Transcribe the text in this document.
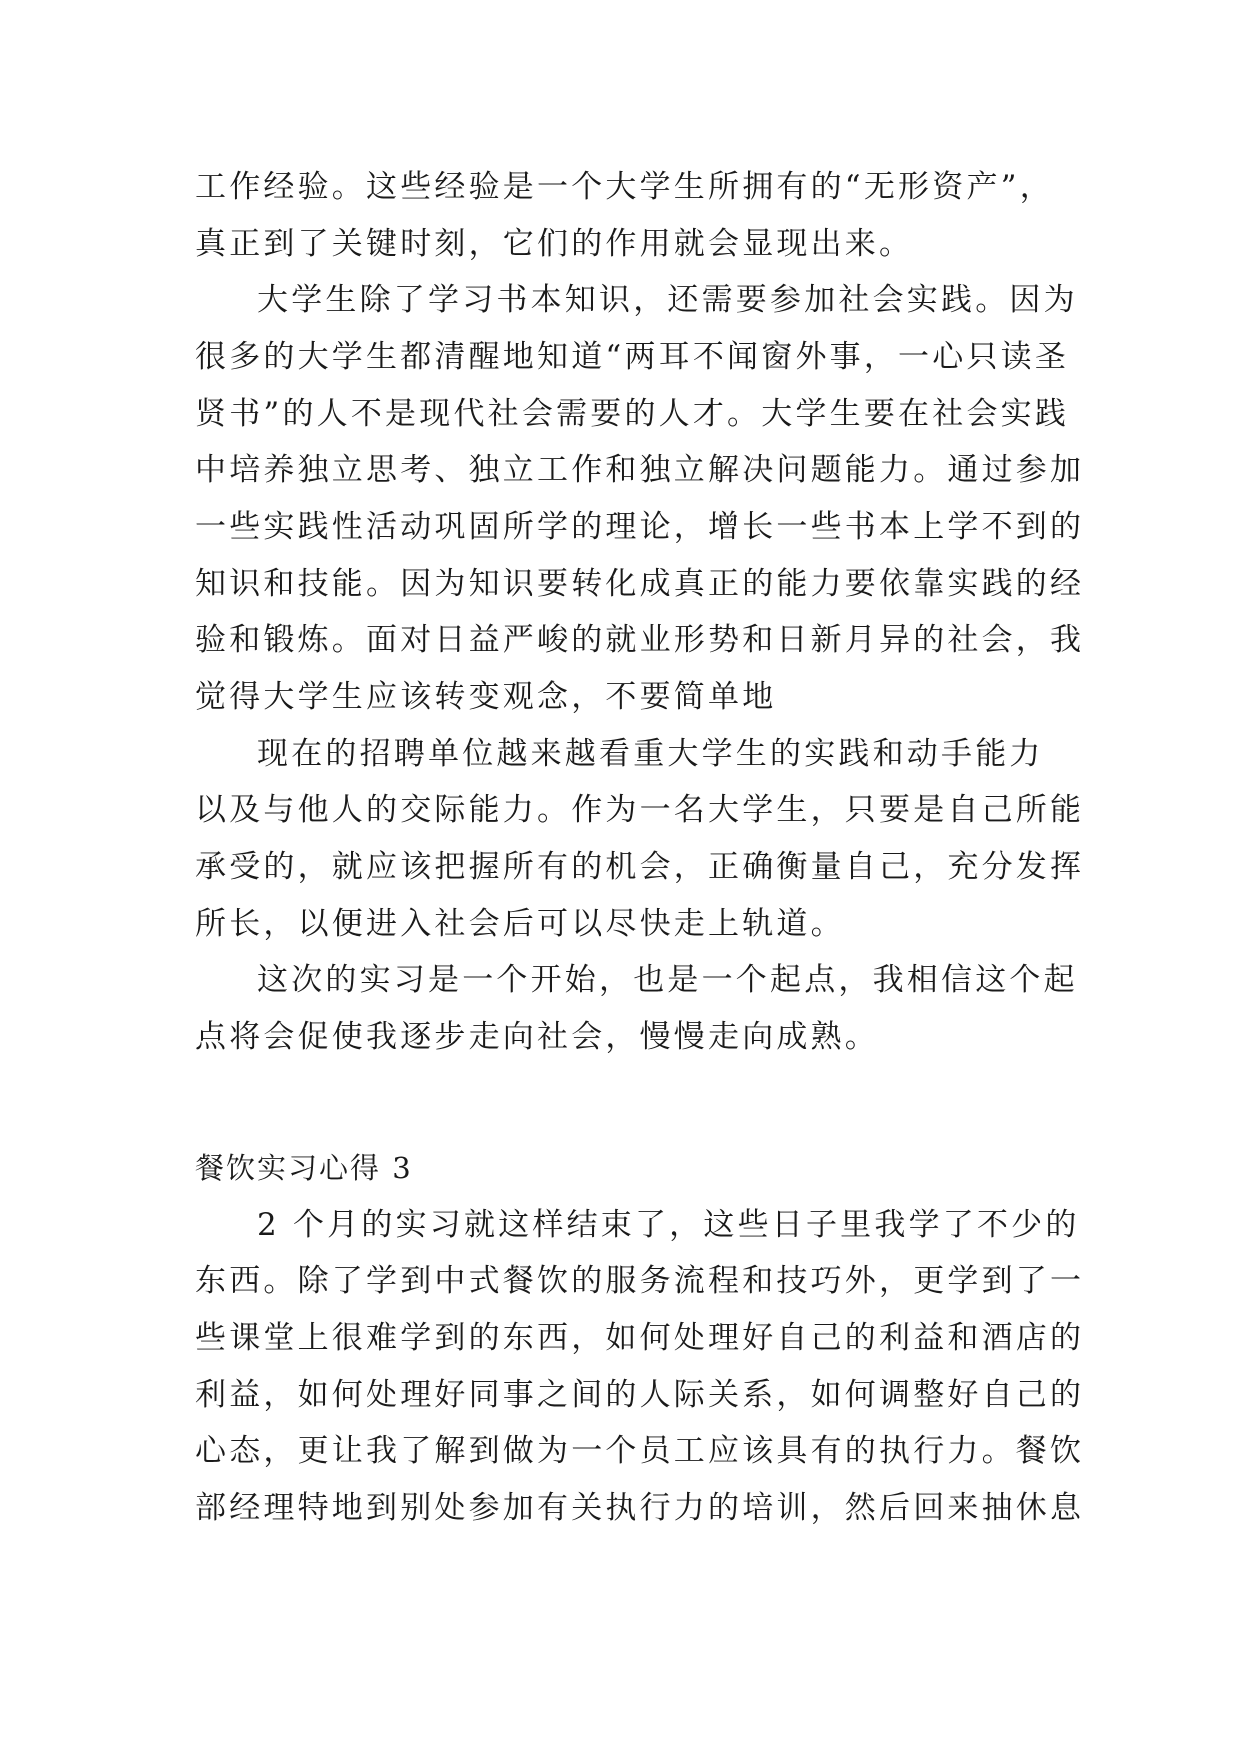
工作经验。这些经验是一个大学生所拥有的“无形资产”，
真正到了关键时刻，它们的作用就会显现出来。
大学生除了学习书本知识，还需要参加社会实践。因为
很多的大学生都清醒地知道“两耳不闻窗外事，一心只读圣
贤书”的人不是现代社会需要的人才。大学生要在社会实践
中培养独立思考、独立工作和独立解决问题能力。通过参加
一些实践性活动巩固所学的理论，增长一些书本上学不到的
知识和技能。因为知识要转化成真正的能力要依靠实践的经
验和锻炼。面对日益严峻的就业形势和日新月异的社会，我
觉得大学生应该转变观念，不要简单地
现在的招聘单位越来越看重大学生的实践和动手能力
以及与他人的交际能力。作为一名大学生，只要是自己所能
承受的，就应该把握所有的机会，正确衡量自己，充分发挥
所长，以便进入社会后可以尽快走上轨道。
这次的实习是一个开始，也是一个起点，我相信这个起
点将会促使我逐步走向社会，慢慢走向成熟。
餐饮实习心得 3
2 个月的实习就这样结束了，这些日子里我学了不少的
东西。除了学到中式餐饮的服务流程和技巧外，更学到了一
些课堂上很难学到的东西，如何处理好自己的利益和酒店的
利益，如何处理好同事之间的人际关系，如何调整好自己的
心态，更让我了解到做为一个员工应该具有的执行力。餐饮
部经理特地到别处参加有关执行力的培训，然后回来抽休息
